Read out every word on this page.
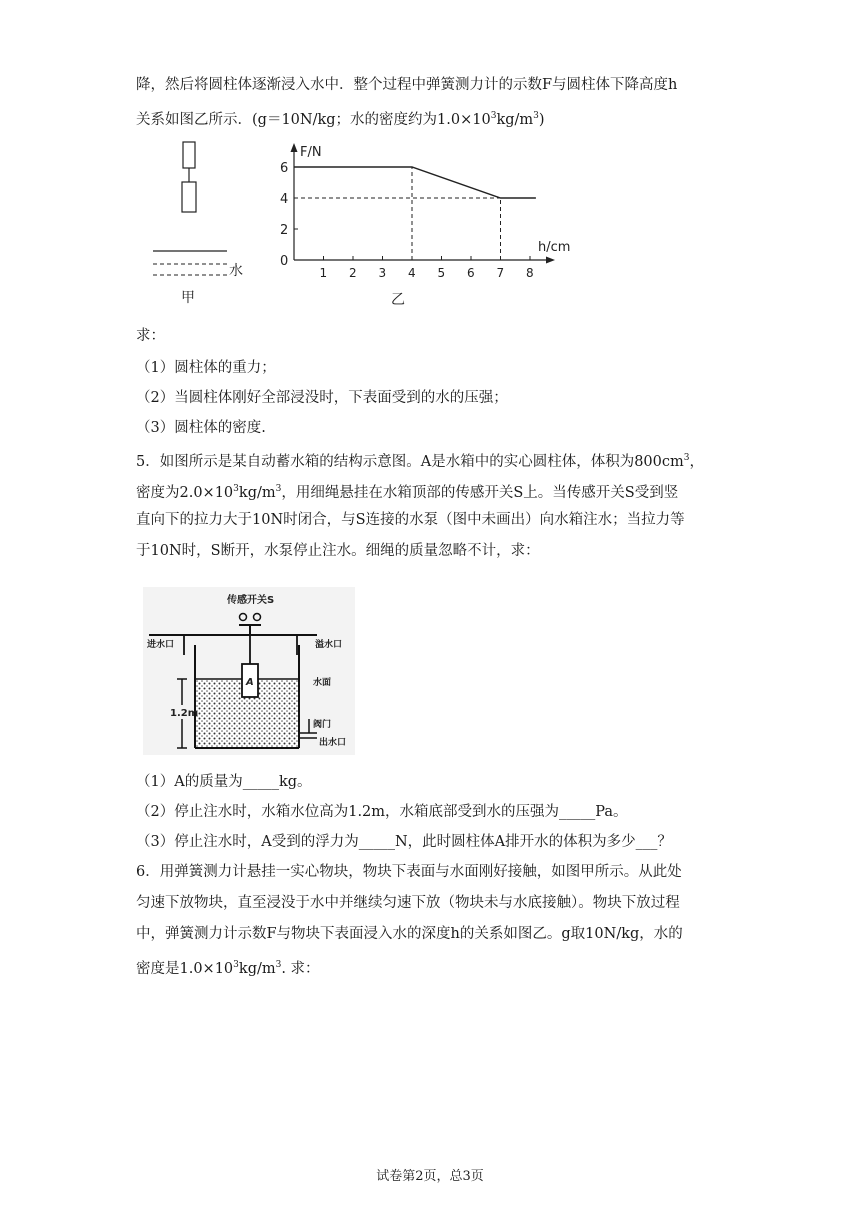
降，然后将圆柱体逐渐浸入水中．整个过程中弹簧测力计的示数F与圆柱体下降高度h
关系如图乙所示．(g＝10N/kg；水的密度约为$1.0\times 10^3kg/m^3$)
水
甲
F/N
h/cm
乙
0
1 2 3 4 5 6 7 8
2
4
6
求：
（1）圆柱体的重力；
（2）当圆柱体刚好全部浸没时，下表面受到的水的压强；
（3）圆柱体的密度.
5．如图所示是某自动蓄水箱的结构示意图。A是水箱中的实心圆柱体，体积为$800cm^3$，
密度为$2.0\times 10^3kg/m^3$，用细绳悬挂在水箱顶部的传感开关S上。当传感开关S受到竖
直向下的拉力大于10N时闭合，与S连接的水泵（图中未画出）向水箱注水；当拉力等
于10N时，S断开，水泵停止注水。细绳的质量忽略不计，求：
传感开关S
进水口	溢水口
A	水面
1.2m
阀门
出水口
（1）A的质量为_____kg。
（2）停止注水时，水箱水位高为1.2m，水箱底部受到水的压强为_____Pa。
（3）停止注水时，A受到的浮力为_____N，此时圆柱体A排开水的体积为多少___？
6．用弹簧测力计悬挂一实心物块，物块下表面与水面刚好接触，如图甲所示。从此处
匀速下放物块，直至浸没于水中并继续匀速下放（物块未与水底接触）。物块下放过程
中，弹簧测力计示数F与物块下表面浸入水的深度h的关系如图乙。g取10N/kg，水的
密度是$1.0\times 10^3kg/m^3$. 求：
试卷第2页，总3页
